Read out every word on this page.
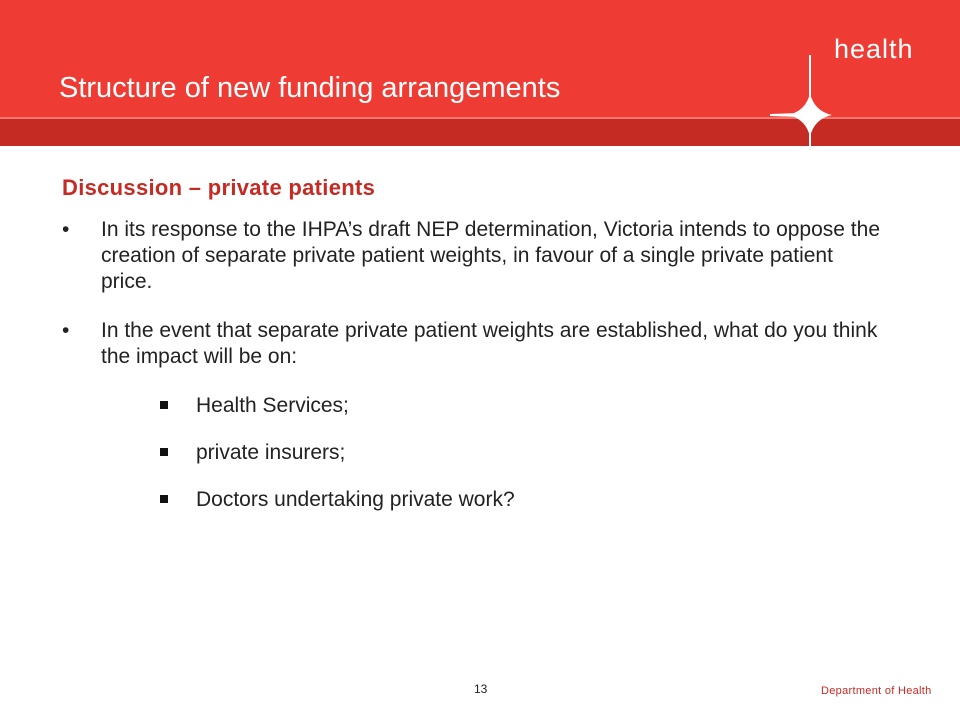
health
Structure of new funding arrangements
Discussion – private patients
• In its response to the IHPA’s draft NEP determination, Victoria intends to oppose the creation of separate private patient weights, in favour of a single private patient price.
• In the event that separate private patient weights are established, what do you think the impact will be on:
Health Services;
private insurers;
Doctors undertaking private work?
13	Department of Health
